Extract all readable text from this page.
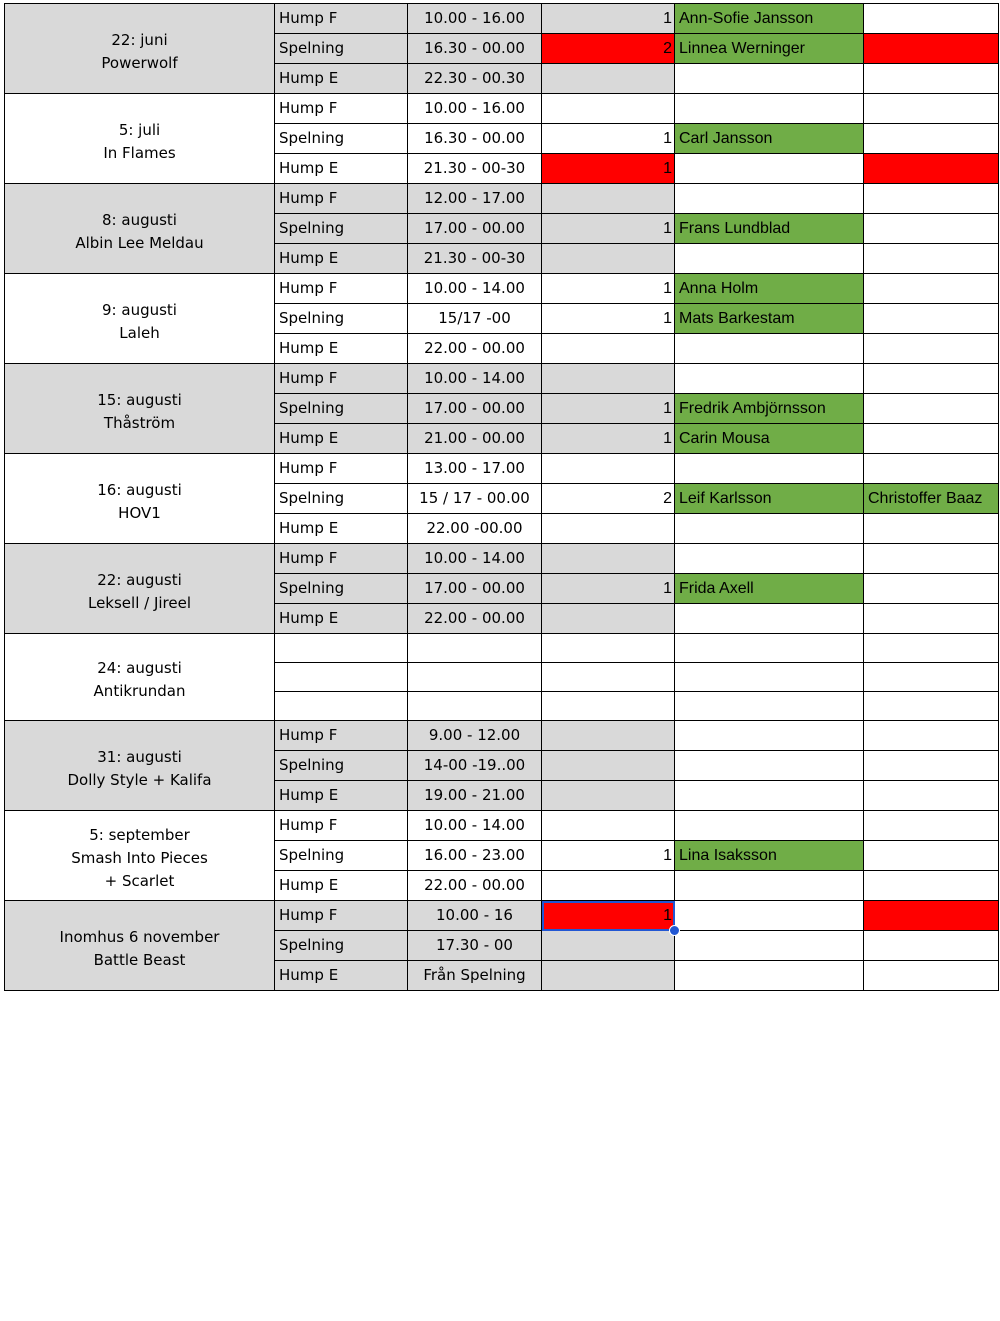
22: juni
Powerwolf	Hump F	10.00 - 16.00	1	Ann-Sofie Jansson	
	Spelning	16.30 - 00.00	2	Linnea Werninger	
	Hump E	22.30 - 00.30			

5: juli
In Flames	Hump F	10.00 - 16.00			
	Spelning	16.30 - 00.00	1	Carl Jansson	
	Hump E	21.30 - 00-30	1		

8: augusti
Albin Lee Meldau	Hump F	12.00 - 17.00			
	Spelning	17.00 - 00.00	1	Frans Lundblad	
	Hump E	21.30 - 00-30			

9: augusti
Laleh	Hump F	10.00 - 14.00	1	Anna Holm	
	Spelning	15/17 -00	1	Mats Barkestam	
	Hump E	22.00 - 00.00			

15: augusti
Thåström	Hump F	10.00 - 14.00			
	Spelning	17.00 - 00.00	1	Fredrik Ambjörnsson	
	Hump E	21.00 - 00.00	1	Carin Mousa	

16: augusti
HOV1	Hump F	13.00 - 17.00			
	Spelning	15 / 17 - 00.00	2	Leif Karlsson	Christoffer Baaz
	Hump E	22.00 -00.00			

22: augusti
Leksell / Jireel	Hump F	10.00 - 14.00			
	Spelning	17.00 - 00.00	1	Frida Axell	
	Hump E	22.00 - 00.00			

24: augusti
Antikrundan					

31: augusti
Dolly Style + Kalifa	Hump F	9.00 - 12.00			
	Spelning	14-00 -19..00			
	Hump E	19.00 - 21.00			

5: september
Smash Into Pieces
+ Scarlet	Hump F	10.00 - 14.00			
	Spelning	16.00 - 23.00	1	Lina Isaksson	
	Hump E	22.00 - 00.00			

Inomhus 6 november
Battle Beast	Hump F	10.00 - 16	1

	Spelning	17.30 - 00			
	Hump E	Från Spelning			
